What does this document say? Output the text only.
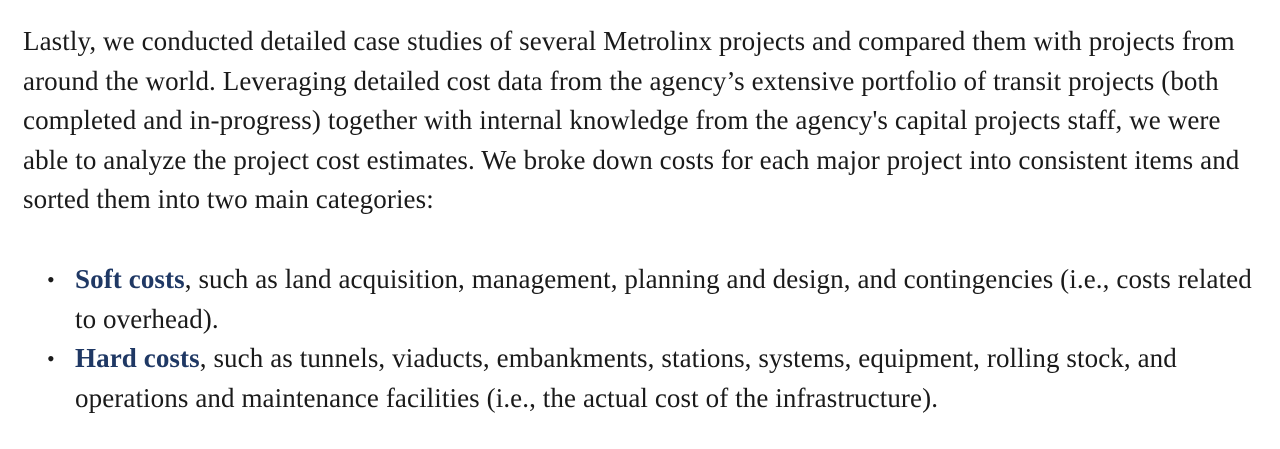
Lastly, we conducted detailed case studies of several Metrolinx projects and compared them with projects from around the world. Leveraging detailed cost data from the agency’s extensive portfolio of transit projects (both completed and in-progress) together with internal knowledge from the agency's capital projects staff, we were able to analyze the project cost estimates. We broke down costs for each major project into consistent items and sorted them into two main categories:

• Soft costs, such as land acquisition, management, planning and design, and contingencies (i.e., costs related to overhead).
• Hard costs, such as tunnels, viaducts, embankments, stations, systems, equipment, rolling stock, and operations and maintenance facilities (i.e., the actual cost of the infrastructure).
